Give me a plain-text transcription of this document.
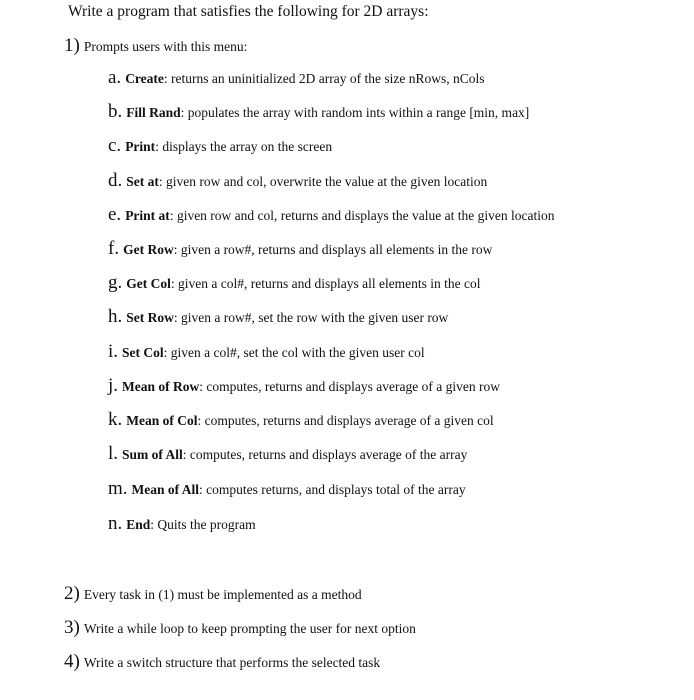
Write a program that satisfies the following for 2D arrays:
1) Prompts users with this menu:
a. Create: returns an uninitialized 2D array of the size nRows, nCols
b. Fill Rand: populates the array with random ints within a range [min, max]
c. Print: displays the array on the screen
d. Set at: given row and col, overwrite the value at the given location
e. Print at: given row and col, returns and displays the value at the given location
f. Get Row: given a row#, returns and displays all elements in the row
g. Get Col: given a col#, returns and displays all elements in the col
h. Set Row: given a row#, set the row with the given user row
i. Set Col: given a col#, set the col with the given user col
j. Mean of Row: computes, returns and displays average of a given row
k. Mean of Col: computes, returns and displays average of a given col
l. Sum of All: computes, returns and displays average of the array
m. Mean of All: computes returns, and displays total of the array
n. End: Quits the program
2) Every task in (1) must be implemented as a method
3) Write a while loop to keep prompting the user for next option
4) Write a switch structure that performs the selected task
